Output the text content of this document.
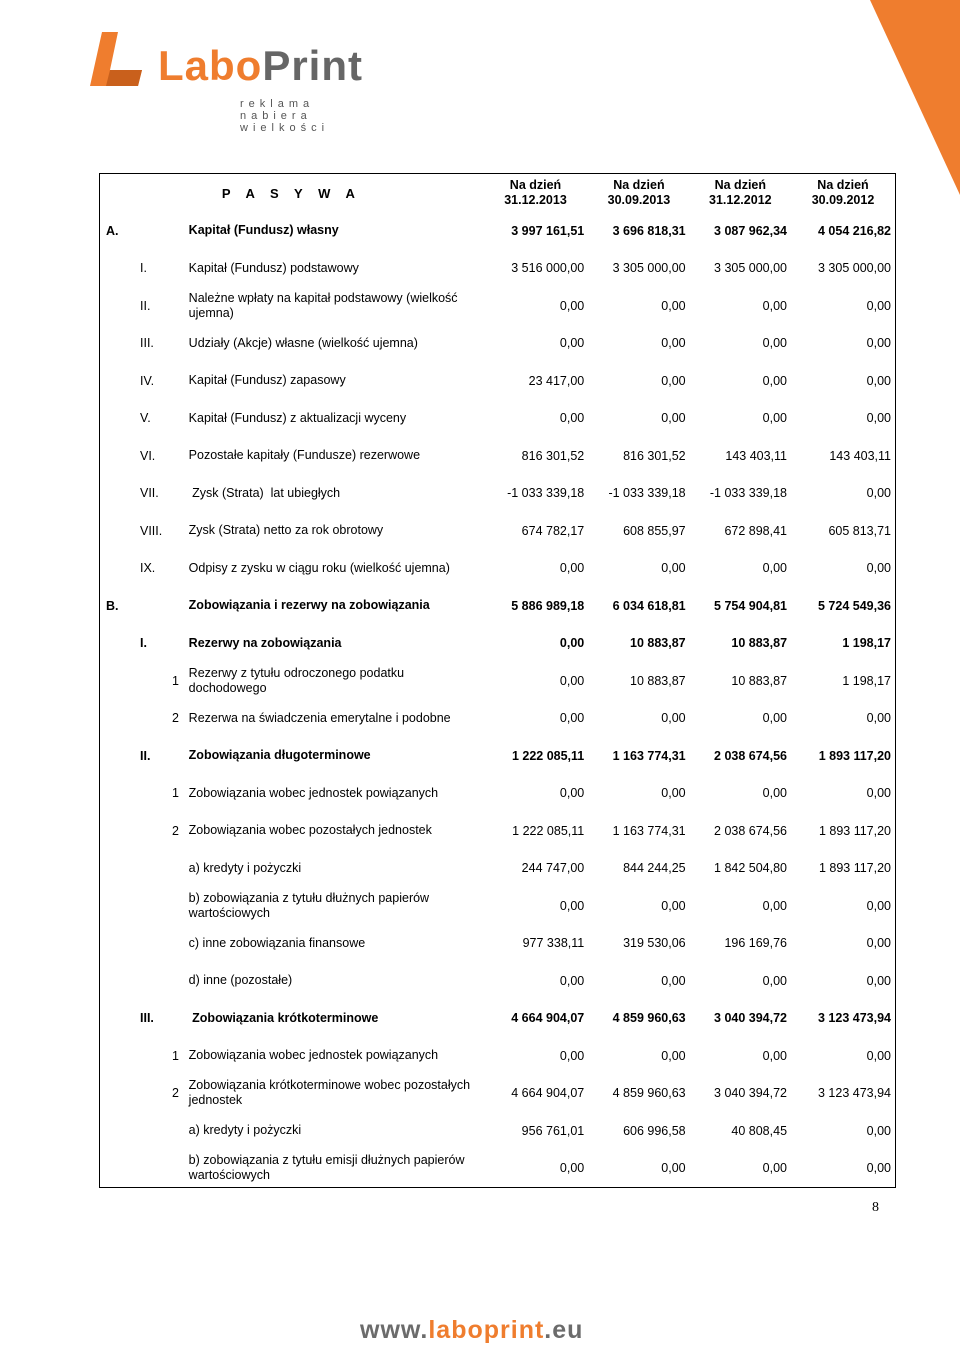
LaboPrint
reklama nabiera wielkości
P A S Y W A		Na dzień 31.12.2013	Na dzień 30.09.2013	Na dzień 31.12.2012	Na dzień 30.09.2012
A.	Kapitał (Fundusz) własny	3 997 161,51	3 696 818,31	3 087 962,34	4 054 216,82
I.	Kapitał (Fundusz) podstawowy	3 516 000,00	3 305 000,00	3 305 000,00	3 305 000,00
II.	Należne wpłaty na kapitał podstawowy (wielkość ujemna)	0,00	0,00	0,00	0,00
III.	Udziały (Akcje) własne (wielkość ujemna)	0,00	0,00	0,00	0,00
IV.	Kapitał (Fundusz) zapasowy	23 417,00	0,00	0,00	0,00
V.	Kapitał (Fundusz) z aktualizacji wyceny	0,00	0,00	0,00	0,00
VI.	Pozostałe kapitały (Fundusze) rezerwowe	816 301,52	816 301,52	143 403,11	143 403,11
VII.	Zysk (Strata)  lat ubiegłych	-1 033 339,18	-1 033 339,18	-1 033 339,18	0,00
VIII.	Zysk (Strata) netto za rok obrotowy	674 782,17	608 855,97	672 898,41	605 813,71
IX.	Odpisy z zysku w ciągu roku (wielkość ujemna)	0,00	0,00	0,00	0,00
B.	Zobowiązania i rezerwy na zobowiązania	5 886 989,18	6 034 618,81	5 754 904,81	5 724 549,36
I.	Rezerwy na zobowiązania	0,00	10 883,87	10 883,87	1 198,17
1	Rezerwy z tytułu odroczonego podatku dochodowego	0,00	10 883,87	10 883,87	1 198,17
2	Rezerwa na świadczenia emerytalne i podobne	0,00	0,00	0,00	0,00
II.	Zobowiązania długoterminowe	1 222 085,11	1 163 774,31	2 038 674,56	1 893 117,20
1	Zobowiązania wobec jednostek powiązanych	0,00	0,00	0,00	0,00
2	Zobowiązania wobec pozostałych jednostek	1 222 085,11	1 163 774,31	2 038 674,56	1 893 117,20
	a) kredyty i pożyczki	244 747,00	844 244,25	1 842 504,80	1 893 117,20
	b) zobowiązania z tytułu dłużnych papierów wartościowych	0,00	0,00	0,00	0,00
	c) inne zobowiązania finansowe	977 338,11	319 530,06	196 169,76	0,00
	d) inne (pozostałe)	0,00	0,00	0,00	0,00
III.	Zobowiązania krótkoterminowe	4 664 904,07	4 859 960,63	3 040 394,72	3 123 473,94
1	Zobowiązania wobec jednostek powiązanych	0,00	0,00	0,00	0,00
2	Zobowiązania krótkoterminowe wobec pozostałych jednostek	4 664 904,07	4 859 960,63	3 040 394,72	3 123 473,94
	a) kredyty i pożyczki	956 761,01	606 996,58	40 808,45	0,00
	b) zobowiązania z tytułu emisji dłużnych papierów wartościowych	0,00	0,00	0,00	0,00
8
www.laboprint.eu
